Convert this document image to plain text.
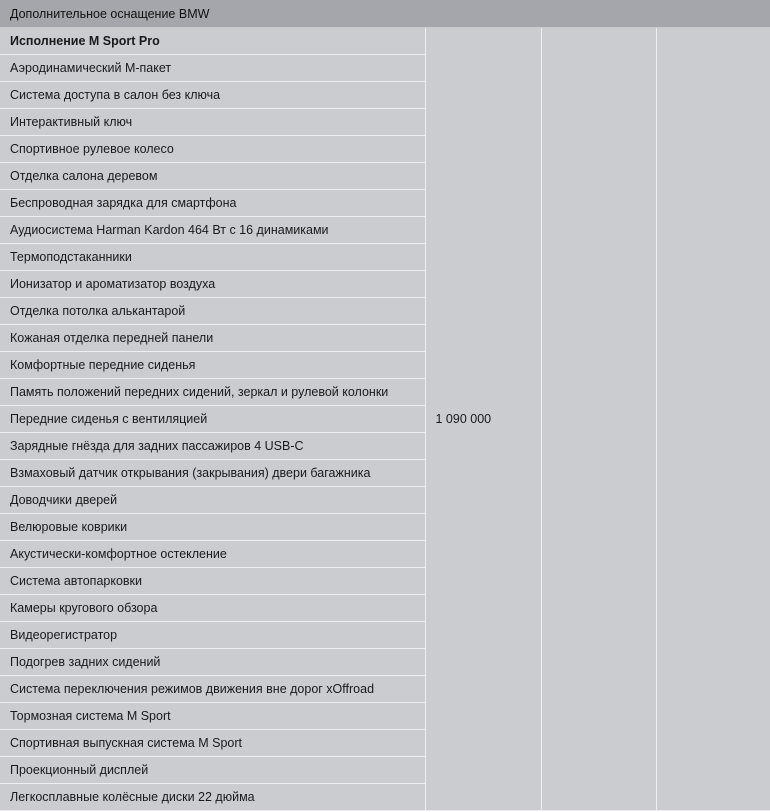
Дополнительное оснащение BMW
Исполнение M Sport Pro	1 090 000		
Аэродинамический M-пакет
Система доступа в салон без ключа
Интерактивный ключ
Спортивное рулевое колесо
Отделка салона деревом
Беспроводная зарядка для смартфона
Аудиосистема Harman Kardon 464 Вт с 16 динамиками
Термоподстаканники
Ионизатор и ароматизатор воздуха
Отделка потолка алькантарой
Кожаная отделка передней панели
Комфортные передние сиденья
Память положений передних сидений, зеркал и рулевой колонки
Передние сиденья с вентиляцией
Зарядные гнёзда для задних пассажиров 4 USB-C
Взмаховый датчик открывания (закрывания) двери багажника
Доводчики дверей
Велюровые коврики
Акустически-комфортное остекление
Система автопарковки
Камеры кругового обзора
Видеорегистратор
Подогрев задних сидений
Система переключения режимов движения вне дорог xOffroad
Тормозная система M Sport
Спортивная выпускная система M Sport
Проекционный дисплей
Легкосплавные колёсные диски 22 дюйма
